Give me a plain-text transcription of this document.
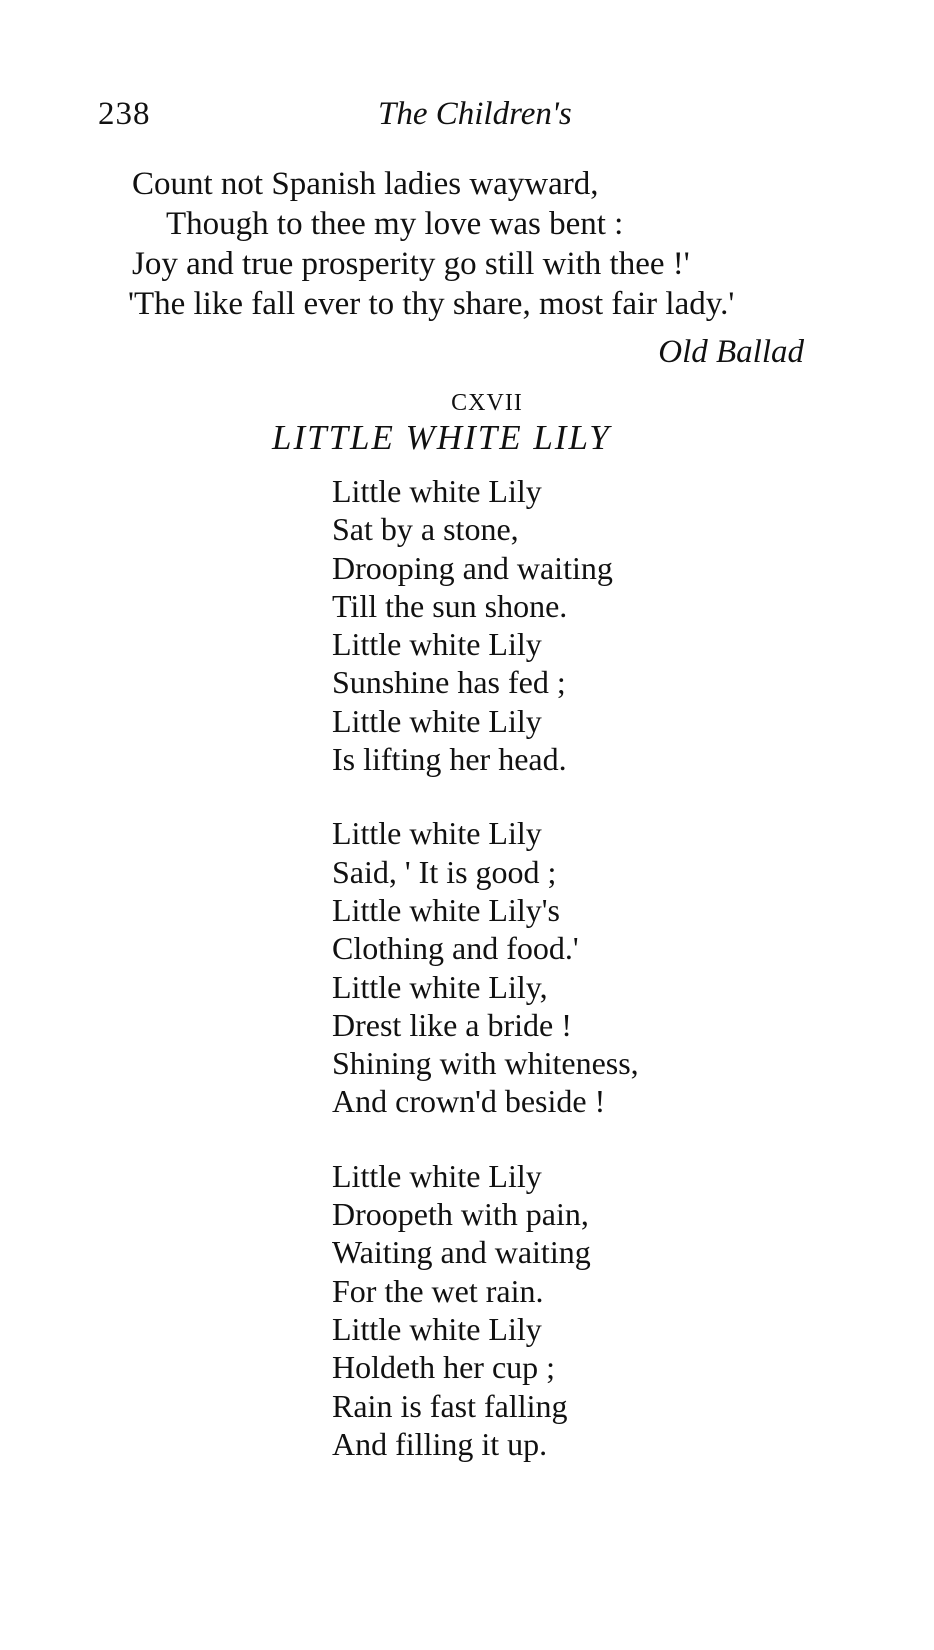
238	The Children's
Count not Spanish ladies wayward,
Though to thee my love was bent :
Joy and true prosperity go still with thee !'
'The like fall ever to thy share, most fair lady.'
Old Ballad
CXVII
LITTLE WHITE LILY
Little white Lily
Sat by a stone,
Drooping and waiting
Till the sun shone.
Little white Lily
Sunshine has fed ;
Little white Lily
Is lifting her head.
Little white Lily
Said, ' It is good ;
Little white Lily's
Clothing and food.'
Little white Lily,
Drest like a bride !
Shining with whiteness,
And crown'd beside !
Little white Lily
Droopeth with pain,
Waiting and waiting
For the wet rain.
Little white Lily
Holdeth her cup ;
Rain is fast falling
And filling it up.
